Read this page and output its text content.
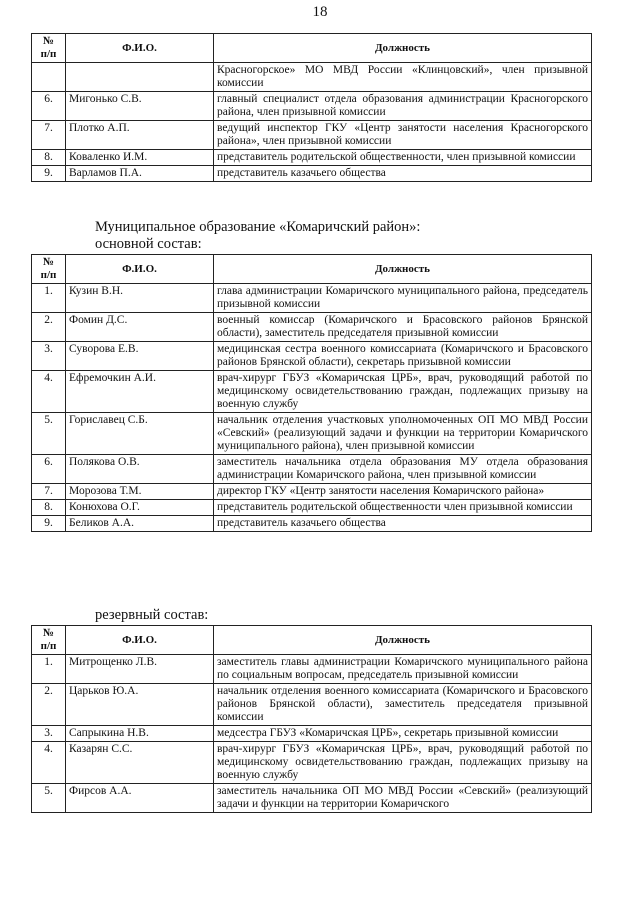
18
№
п/п	Ф.И.О.	Должность
		Красногорское» МО МВД России «Клинцовский», член призывной комиссии
6.	Мигонько С.В.	главный специалист отдела образования администрации Красногорского района, член призывной комиссии
7.	Плотко А.П.	ведущий инспектор ГКУ «Центр занятости населения Красногорского района», член призывной комиссии
8.	Коваленко И.М.	представитель родительской общественности, член призывной комиссии
9.	Варламов П.А.	представитель казачьего общества
Муниципальное образование «Комаричский район»:
основной состав:
№
п/п	Ф.И.О.	Должность
1.	Кузин В.Н.	глава администрации Комаричского муниципального района, председатель призывной комиссии
2.	Фомин Д.С.	военный комиссар (Комаричского и Брасовского районов Брянской области), заместитель председателя призывной комиссии
3.	Суворова Е.В.	медицинская сестра военного комиссариата (Комаричского и Брасовского районов Брянской области), секретарь призывной комиссии
4.	Ефремочкин А.И.	врач-хирург ГБУЗ «Комаричская ЦРБ», врач, руководящий работой по медицинскому освидетельствованию граждан, подлежащих призыву на военную службу
5.	Гориславец С.Б.	начальник отделения участковых уполномоченных ОП МО МВД России «Севский» (реализующий задачи и функции на территории Комаричского муниципального района), член призывной комиссии
6.	Полякова О.В.	заместитель начальника отдела образования МУ отдела образования администрации Комаричского района, член призывной комиссии
7.	Морозова Т.М.	директор ГКУ «Центр занятости населения Комаричского района»
8.	Конюхова О.Г.	представитель родительской общественности член призывной комиссии
9.	Беликов А.А.	представитель казачьего общества
резервный состав:
№
п/п	Ф.И.О.	Должность
1.	Митрощенко Л.В.	заместитель главы администрации Комаричского муниципального района по социальным вопросам, председатель призывной комиссии
2.	Царьков Ю.А.	начальник отделения военного комиссариата (Комаричского и Брасовского районов Брянской области), заместитель председателя призывной комиссии
3.	Сапрыкина Н.В.	медсестра ГБУЗ «Комаричская ЦРБ», секретарь призывной комиссии
4.	Казарян С.С.	врач-хирург ГБУЗ «Комаричская ЦРБ», врач, руководящий работой по медицинскому освидетельствованию граждан, подлежащих призыву на военную службу
5.	Фирсов А.А.	заместитель начальника ОП МО МВД России «Севский» (реализующий задачи и функции на территории Комаричского
